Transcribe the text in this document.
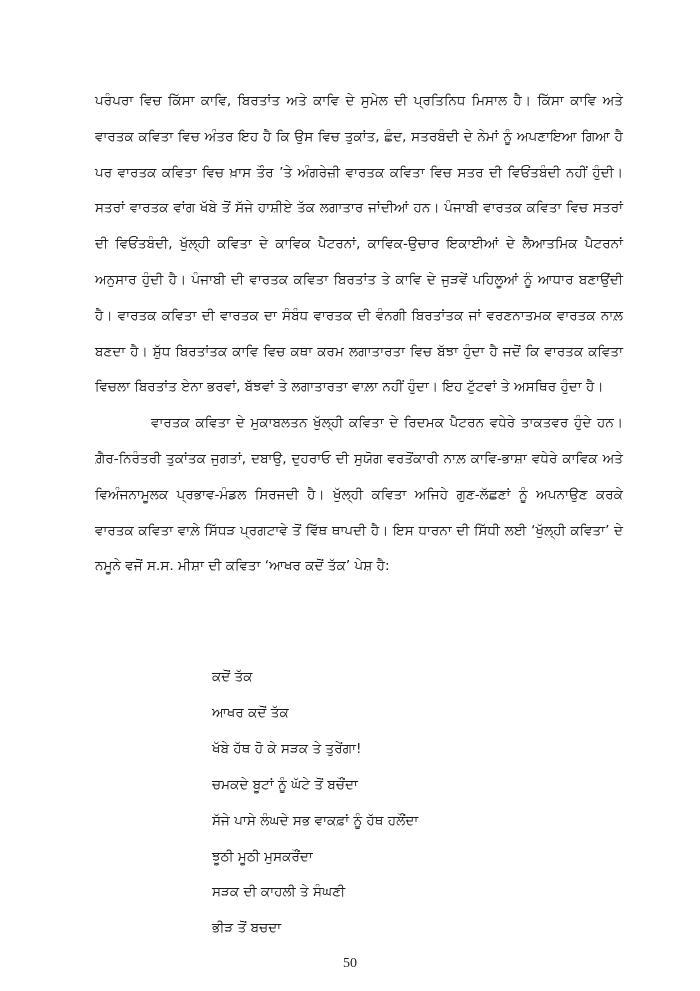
ਪਰੰਪਰਾ ਵਿਚ ਕਿੱਸਾ ਕਾਵਿ, ਬਿਰਤਾਂਤ ਅਤੇ ਕਾਵਿ ਦੇ ਸੁਮੇਲ ਦੀ ਪ੍ਰਤਿਨਿਧ ਮਿਸਾਲ ਹੈ। ਕਿੱਸਾ ਕਾਵਿ ਅਤੇ ਵਾਰਤਕ ਕਵਿਤਾ ਵਿਚ ਅੰਤਰ ਇਹ ਹੈ ਕਿ ਉਸ ਵਿਚ ਤੁਕਾਂਤ, ਛੰਦ, ਸਤਰਬੰਦੀ ਦੇ ਨੇਮਾਂ ਨੂੰ ਅਪਣਾਇਆ ਗਿਆ ਹੈ ਪਰ ਵਾਰਤਕ ਕਵਿਤਾ ਵਿਚ ਖ਼ਾਸ ਤੌਰ ’ਤੇ ਅੰਗਰੇਜ਼ੀ ਵਾਰਤਕ ਕਵਿਤਾ ਵਿਚ ਸਤਰ ਦੀ ਵਿਓਂਤਬੰਦੀ ਨਹੀਂ ਹੁੰਦੀ। ਸਤਰਾਂ ਵਾਰਤਕ ਵਾਂਗ ਖੱਬੇ ਤੋਂ ਸੱਜੇ ਹਾਸ਼ੀਏ ਤੱਕ ਲਗਾਤਾਰ ਜਾਂਦੀਆਂ ਹਨ। ਪੰਜਾਬੀ ਵਾਰਤਕ ਕਵਿਤਾ ਵਿਚ ਸਤਰਾਂ ਦੀ ਵਿਓਂਤਬੰਦੀ, ਖੁੱਲ੍ਹੀ ਕਵਿਤਾ ਦੇ ਕਾਵਿਕ ਪੈਟਰਨਾਂ, ਕਾਵਿਕ-ਉਚਾਰ ਇਕਾਈਆਂ ਦੇ ਲੈਆਤਮਿਕ ਪੈਟਰਨਾਂ ਅਨੁਸਾਰ ਹੁੰਦੀ ਹੈ। ਪੰਜਾਬੀ ਦੀ ਵਾਰਤਕ ਕਵਿਤਾ ਬਿਰਤਾਂਤ ਤੇ ਕਾਵਿ ਦੇ ਜੁੜਵੇਂ ਪਹਿਲੂਆਂ ਨੂੰ ਆਧਾਰ ਬਣਾਉਂਦੀ ਹੈ। ਵਾਰਤਕ ਕਵਿਤਾ ਦੀ ਵਾਰਤਕ ਦਾ ਸੰਬੰਧ ਵਾਰਤਕ ਦੀ ਵੰਨਗੀ ਬਿਰਤਾਂਤਕ ਜਾਂ ਵਰਣਨਾਤਮਕ ਵਾਰਤਕ ਨਾਲ਼ ਬਣਦਾ ਹੈ। ਸ਼ੁੱਧ ਬਿਰਤਾਂਤਕ ਕਾਵਿ ਵਿਚ ਕਥਾ ਕਰਮ ਲਗਾਤਾਰਤਾ ਵਿਚ ਬੱਝਾ ਹੁੰਦਾ ਹੈ ਜਦੋਂ ਕਿ ਵਾਰਤਕ ਕਵਿਤਾ ਵਿਚਲਾ ਬਿਰਤਾਂਤ ਏਨਾ ਭਰਵਾਂ, ਬੱਝਵਾਂ ਤੇ ਲਗਾਤਾਰਤਾ ਵਾਲ਼ਾ ਨਹੀਂ ਹੁੰਦਾ। ਇਹ ਟੁੱਟਵਾਂ ਤੇ ਅਸਥਿਰ ਹੁੰਦਾ ਹੈ।

ਵਾਰਤਕ ਕਵਿਤਾ ਦੇ ਮੁਕਾਬਲਤਨ ਖੁੱਲ੍ਹੀ ਕਵਿਤਾ ਦੇ ਰਿਦਮਕ ਪੈਟਰਨ ਵਧੇਰੇ ਤਾਕਤਵਰ ਹੁੰਦੇ ਹਨ। ਗ਼ੈਰ-ਨਿਰੰਤਰੀ ਤੁਕਾਂਤਕ ਜੁਗਤਾਂ, ਦਬਾਉ, ਦੁਹਰਾਓ ਦੀ ਸੁਯੋਗ ਵਰਤੋਂਕਾਰੀ ਨਾਲ਼ ਕਾਵਿ-ਭਾਸ਼ਾ ਵਧੇਰੇ ਕਾਵਿਕ ਅਤੇ ਵਿਅੰਜਨਾਮੂਲਕ ਪ੍ਰਭਾਵ-ਮੰਡਲ ਸਿਰਜਦੀ ਹੈ। ਖੁੱਲ੍ਹੀ ਕਵਿਤਾ ਅਜਿਹੇ ਗੁਣ-ਲੱਛਣਾਂ ਨੂੰ ਅਪਨਾਉਣ ਕਰਕੇ ਵਾਰਤਕ ਕਵਿਤਾ ਵਾਲ਼ੇ ਸਿੱਧੜ ਪ੍ਰਗਟਾਵੇ ਤੋਂ ਵਿੱਥ ਥਾਪਦੀ ਹੈ। ਇਸ ਧਾਰਨਾ ਦੀ ਸਿੱਧੀ ਲਈ ‘ਖੁੱਲ੍ਹੀ ਕਵਿਤਾ’ ਦੇ ਨਮੂਨੇ ਵਜੋਂ ਸ.ਸ. ਮੀਸ਼ਾ ਦੀ ਕਵਿਤਾ ‘ਆਖਰ ਕਦੋਂ ਤੱਕ’ ਪੇਸ਼ ਹੈ:

ਕਦੋਂ ਤੱਕ
ਆਖਰ ਕਦੋਂ ਤੱਕ
ਖੱਬੇ ਹੱਥ ਹੋ ਕੇ ਸੜਕ ਤੇ ਤੁਰੇਂਗਾ!
ਚਮਕਦੇ ਬੂਟਾਂ ਨੂੰ ਘੱਟੇ ਤੋਂ ਬਚੌਂਦਾ
ਸੱਜੇ ਪਾਸੇ ਲੰਘਦੇ ਸਭ ਵਾਕਫ਼ਾਂ ਨੂੰ ਹੱਥ ਹਲੌਂਦਾ
ਝੂਠੀ ਮੂਠੀ ਮੁਸਕਰੌਂਦਾ
ਸੜਕ ਦੀ ਕਾਹਲੀ ਤੇ ਸੰਘਣੀ
ਭੀੜ ਤੋਂ ਬਚਦਾ
50
